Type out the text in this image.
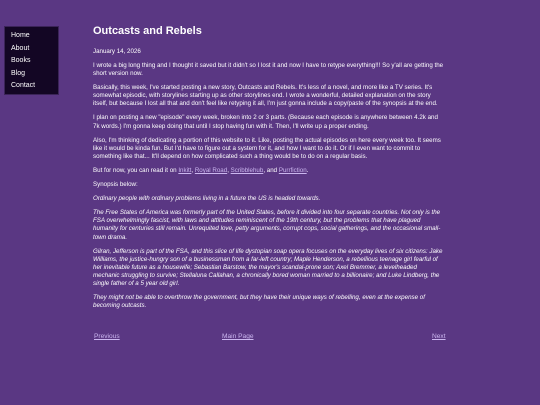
Home
About
Books
Blog
Contact
Outcasts and Rebels
January 14, 2026

I wrote a big long thing and I thought it saved but it didn't so I lost it and now I have to retype everything!!! So y'all are getting the short version now.

Basically, this week, I've started posting a new story, Outcasts and Rebels. It's less of a novel, and more like a TV series. It's somewhat episodic, with storylines starting up as other storylines end. I wrote a wonderful, detailed explanation on the story itself, but because I lost all that and don't feel like retyping it all, I'm just gonna include a copy/paste of the synopsis at the end.

I plan on posting a new "episode" every week, broken into 2 or 3 parts. (Because each episode is anywhere between 4.2k and 7k words.) I'm gonna keep doing that until I stop having fun with it. Then, I'll write up a proper ending.

Also, I'm thinking of dedicating a portion of this website to it. Like, posting the actual episodes on here every week too. It seems like it would be kinda fun. But I'd have to figure out a system for it, and how I want to do it. Or if I even want to commit to something like that... It'll depend on how complicated such a thing would be to do on a regular basis.

But for now, you can read it on Inkitt, Royal Road, Scribblehub, and Purrfiction.

Synopsis below:

Ordinary people with ordinary problems living in a future the US is headed towards.

The Free States of America was formerly part of the United States, before it divided into four separate countries. Not only is the FSA overwhelmingly fascist, with laws and attitudes reminiscent of the 19th century, but the problems that have plagued humanity for centuries still remain. Unrequited love, petty arguments, corrupt cops, social gatherings, and the occasional small-town drama.

Gilran, Jefferson is part of the FSA, and this slice of life dystopian soap opera focuses on the everyday lives of six citizens: Jake Williams, the justice-hungry son of a businessman from a far-left country; Maple Henderson, a rebellious teenage girl fearful of her inevitable future as a housewife; Sebastian Barstow, the mayor's scandal-prone son; Axel Bremmer, a levelheaded mechanic struggling to survive; Stellaluna Callahan, a chronically bored woman married to a billionaire; and Luke Lindberg, the single father of a 5 year old girl.

They might not be able to overthrow the government, but they have their unique ways of rebelling, even at the expense of becoming outcasts.

Previous	Main Page	Next
